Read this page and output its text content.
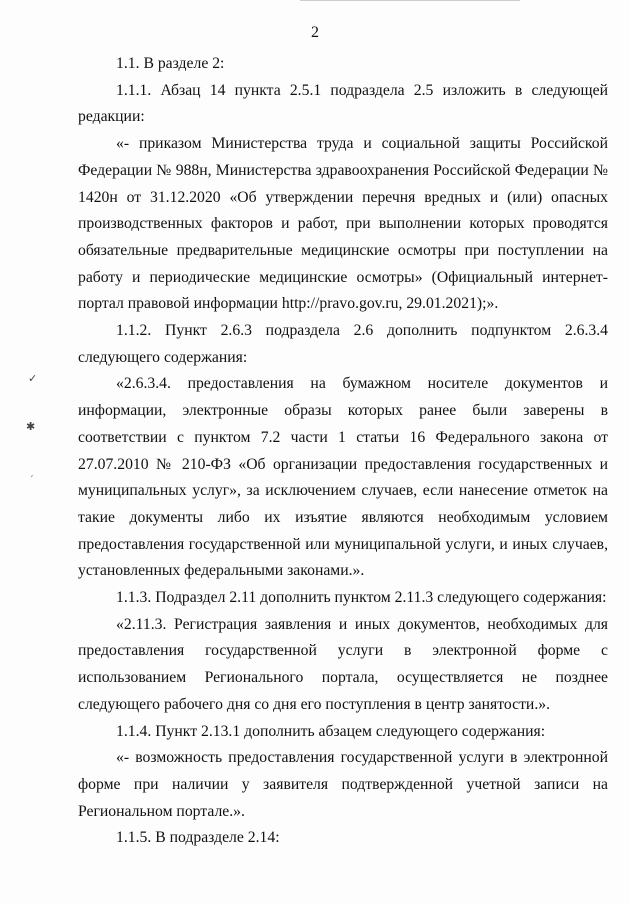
2

1.1. В разделе 2:

1.1.1. Абзац 14 пункта 2.5.1 подраздела 2.5 изложить в следующей редакции:

«- приказом Министерства труда и социальной защиты Российской Федерации № 988н, Министерства здравоохранения Российской Федерации № 1420н от 31.12.2020 «Об утверждении перечня вредных и (или) опасных производственных факторов и работ, при выполнении которых проводятся обязательные предварительные медицинские осмотры при поступлении на работу и периодические медицинские осмотры» (Официальный интернет-портал правовой информации http://pravo.gov.ru, 29.01.2021);».

1.1.2. Пункт 2.6.3 подраздела 2.6 дополнить подпунктом 2.6.3.4 следующего содержания:

«2.6.3.4. предоставления на бумажном носителе документов и информации, электронные образы которых ранее были заверены в соответствии с пунктом 7.2 части 1 статьи 16 Федерального закона от 27.07.2010 № 210-ФЗ «Об организации предоставления государственных и муниципальных услуг», за исключением случаев, если нанесение отметок на такие документы либо их изъятие являются необходимым условием предоставления государственной или муниципальной услуги, и иных случаев, установленных федеральными законами.».

1.1.3. Подраздел 2.11 дополнить пунктом 2.11.3 следующего содержания:

«2.11.3. Регистрация заявления и иных документов, необходимых для предоставления государственной услуги в электронной форме с использованием Регионального портала, осуществляется не позднее следующего рабочего дня со дня его поступления в центр занятости.».

1.1.4. Пункт 2.13.1 дополнить абзацем следующего содержания:

«- возможность предоставления государственной услуги в электронной форме при наличии у заявителя подтвержденной учетной записи на Региональном портале.».

1.1.5. В подразделе 2.14:

✓
✱
ˊ
